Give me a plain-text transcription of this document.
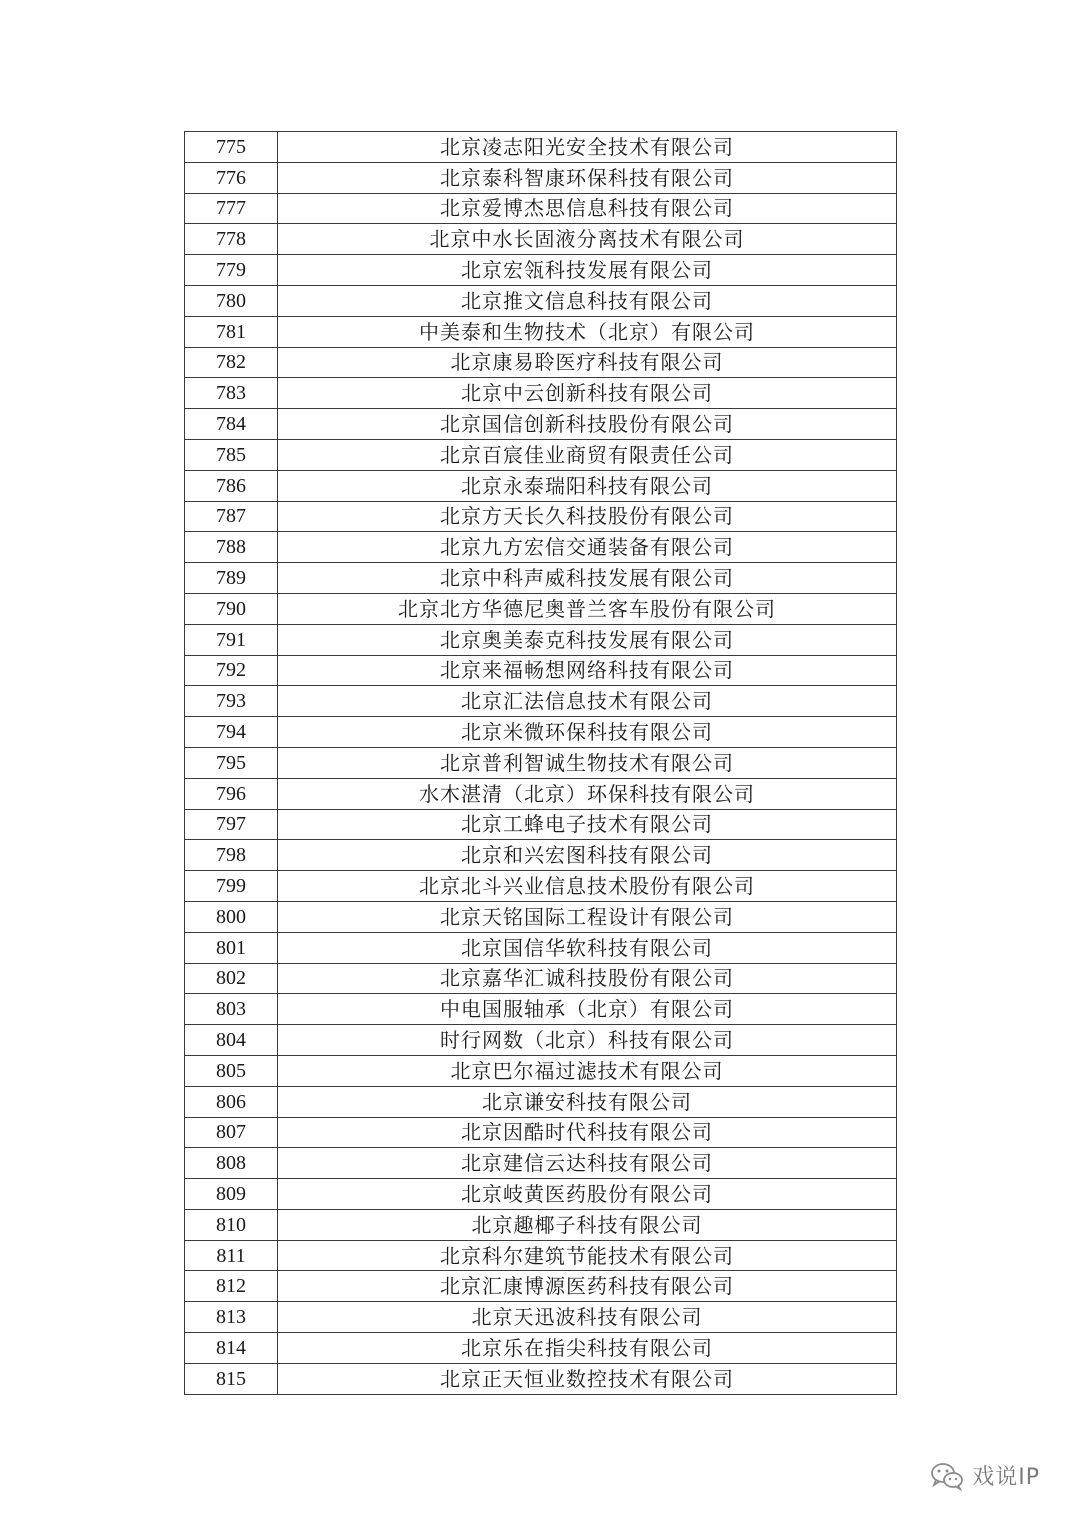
775	北京凌志阳光安全技术有限公司
776	北京泰科智康环保科技有限公司
777	北京爱博杰思信息科技有限公司
778	北京中水长固液分离技术有限公司
779	北京宏瓴科技发展有限公司
780	北京推文信息科技有限公司
781	中美泰和生物技术（北京）有限公司
782	北京康易聆医疗科技有限公司
783	北京中云创新科技有限公司
784	北京国信创新科技股份有限公司
785	北京百宸佳业商贸有限责任公司
786	北京永泰瑞阳科技有限公司
787	北京方天长久科技股份有限公司
788	北京九方宏信交通装备有限公司
789	北京中科声威科技发展有限公司
790	北京北方华德尼奥普兰客车股份有限公司
791	北京奥美泰克科技发展有限公司
792	北京来福畅想网络科技有限公司
793	北京汇法信息技术有限公司
794	北京米微环保科技有限公司
795	北京普利智诚生物技术有限公司
796	水木湛清（北京）环保科技有限公司
797	北京工蜂电子技术有限公司
798	北京和兴宏图科技有限公司
799	北京北斗兴业信息技术股份有限公司
800	北京天铭国际工程设计有限公司
801	北京国信华软科技有限公司
802	北京嘉华汇诚科技股份有限公司
803	中电国服轴承（北京）有限公司
804	时行网数（北京）科技有限公司
805	北京巴尔福过滤技术有限公司
806	北京谦安科技有限公司
807	北京因酷时代科技有限公司
808	北京建信云达科技有限公司
809	北京岐黄医药股份有限公司
810	北京趣椰子科技有限公司
811	北京科尔建筑节能技术有限公司
812	北京汇康博源医药科技有限公司
813	北京天迅波科技有限公司
814	北京乐在指尖科技有限公司
815	北京正天恒业数控技术有限公司
戏说IP
